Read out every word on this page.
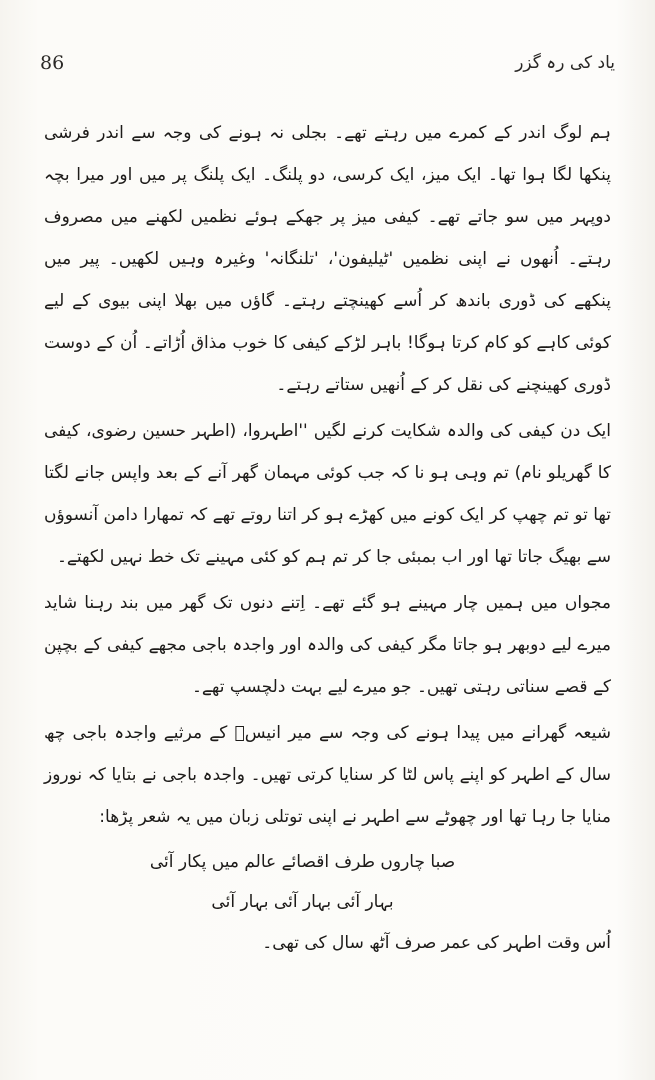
86	یاد کی رہ گزر

ہم لوگ اندر کے کمرے میں رہتے تھے۔ بجلی نہ ہونے کی وجہ سے اندر فرشی پنکھا لگا ہوا تھا۔ ایک میز، ایک کرسی، دو پلنگ۔ ایک پلنگ پر میں اور میرا بچہ دوپہر میں سو جاتے تھے۔ کیفی میز پر جھکے ہوئے نظمیں لکھنے میں مصروف رہتے۔ اُنھوں نے اپنی نظمیں 'ٹیلیفون'، 'تلنگانہ' وغیرہ وہیں لکھیں۔ پیر میں پنکھے کی ڈوری باندھ کر اُسے کھینچتے رہتے۔ گاؤں میں بھلا اپنی بیوی کے لیے کوئی کاہے کو کام کرتا ہوگا! باہر لڑکے کیفی کا خوب مذاق اُڑاتے۔ اُن کے دوست ڈوری کھینچنے کی نقل کر کے اُنھیں ستاتے رہتے۔

ایک دن کیفی کی والدہ شکایت کرنے لگیں ''اطہروا، (اطہر حسین رضوی، کیفی کا گھریلو نام) تم وہی ہو نا کہ جب کوئی مہمان گھر آنے کے بعد واپس جانے لگتا تھا تو تم چھپ کر ایک کونے میں کھڑے ہو کر اتنا روتے تھے کہ تمھارا دامن آنسوؤں سے بھیگ جاتا تھا اور اب بمبئی جا کر تم ہم کو کئی مہینے تک خط نہیں لکھتے۔

مجواں میں ہمیں چار مہینے ہو گئے تھے۔ اِتنے دنوں تک گھر میں بند رہنا شاید میرے لیے دوبھر ہو جاتا مگر کیفی کی والدہ اور واجدہ باجی مجھے کیفی کے بچپن کے قصے سناتی رہتی تھیں۔ جو میرے لیے بہت دلچسپ تھے۔

شیعہ گھرانے میں پیدا ہونے کی وجہ سے میر انیسؔ کے مرثیے واجدہ باجی چھ سال کے اطہر کو اپنے پاس لٹا کر سنایا کرتی تھیں۔ واجدہ باجی نے بتایا کہ نوروز منایا جا رہا تھا اور چھوٹے سے اطہر نے اپنی توتلی زبان میں یہ شعر پڑھا:

صبا چاروں طرف اقصائے عالم میں پکار آئی
بہار آئی بہار آئی بہار آئی

اُس وقت اطہر کی عمر صرف آٹھ سال کی تھی۔
